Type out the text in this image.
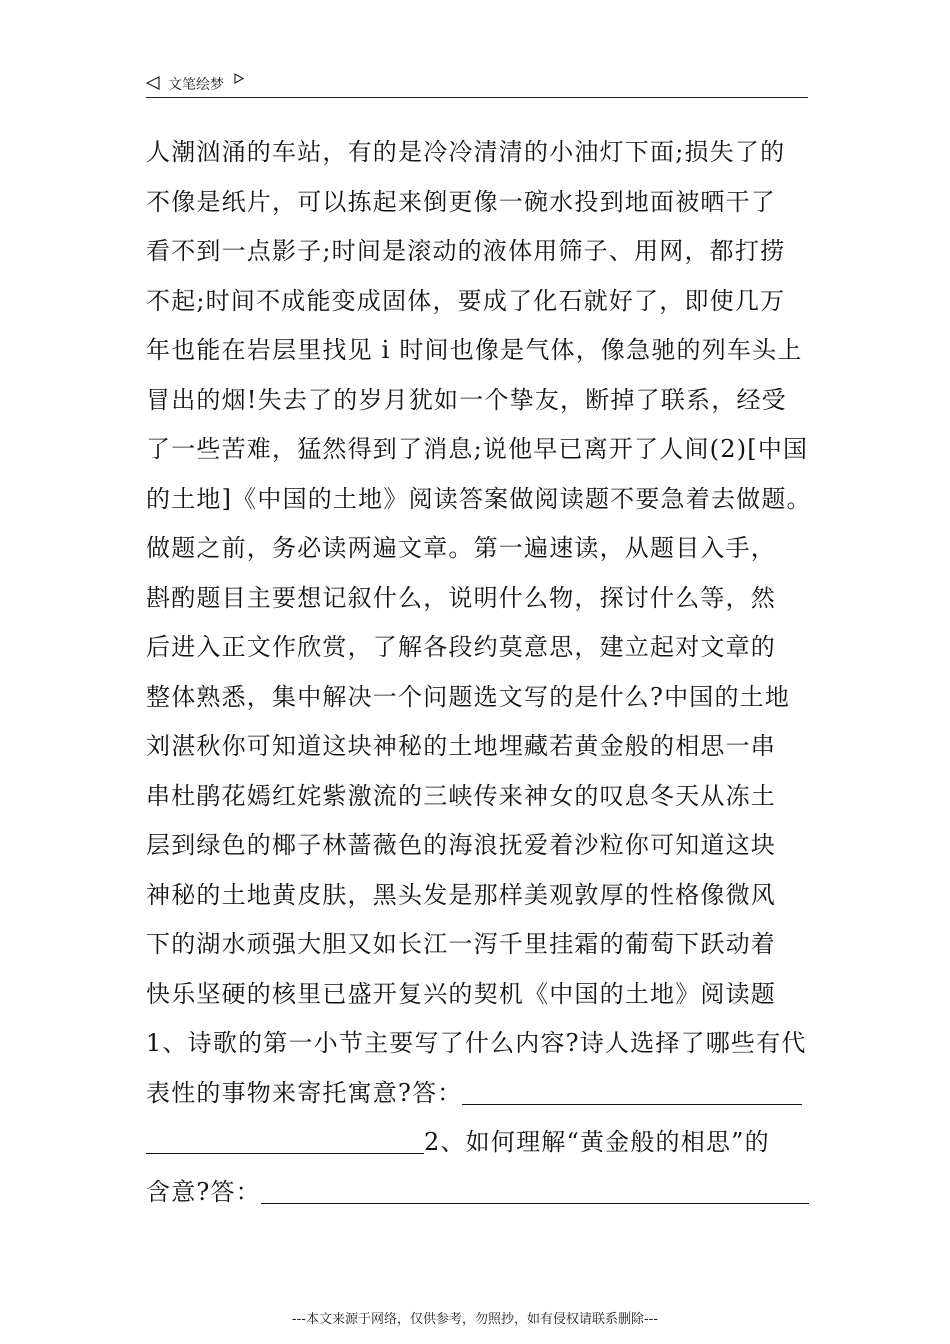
文笔绘梦
人潮汹涌的车站，有的是冷冷清清的小油灯下面;损失了的
不像是纸片，可以拣起来倒更像一碗水投到地面被晒干了
看不到一点影子;时间是滚动的液体用筛子、用网，都打捞
不起;时间不成能变成固体，要成了化石就好了，即使几万
年也能在岩层里找见 i 时间也像是气体，像急驰的列车头上
冒出的烟!失去了的岁月犹如一个挚友，断掉了联系，经受
了一些苦难，猛然得到了消息;说他早已离开了人间(2)[中国
的土地]《中国的土地》阅读答案做阅读题不要急着去做题。
做题之前，务必读两遍文章。第一遍速读，从题目入手，
斟酌题目主要想记叙什么，说明什么物，探讨什么等，然
后进入正文作欣赏，了解各段约莫意思，建立起对文章的
整体熟悉，集中解决一个问题选文写的是什么?中国的土地
刘湛秋你可知道这块神秘的土地埋藏若黄金般的相思一串
串杜鹃花嫣红姹紫激流的三峡传来神女的叹息冬天从冻土
层到绿色的椰子林蔷薇色的海浪抚爱着沙粒你可知道这块
神秘的土地黄皮肤，黑头发是那样美观敦厚的性格像微风
下的湖水顽强大胆又如长江一泻千里挂霜的葡萄下跃动着
快乐坚硬的核里已盛开复兴的契机《中国的土地》阅读题
1、诗歌的第一小节主要写了什么内容?诗人选择了哪些有代
表性的事物来寄托寓意?答：
2、如何理解“黄金般的相思”的
含意?答：
---本文来源于网络，仅供参考，勿照抄，如有侵权请联系删除---
